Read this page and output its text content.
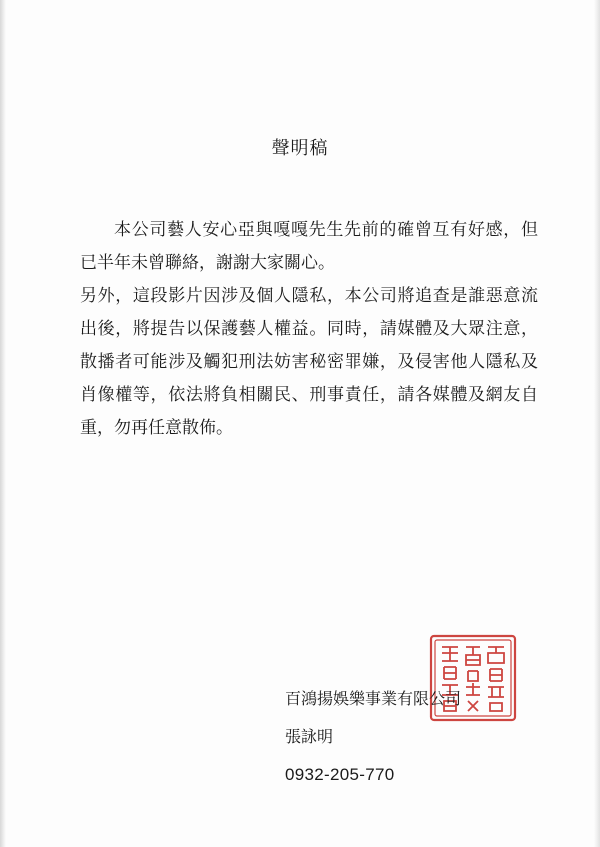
聲明稿

本公司藝人安心亞與嘎嘎先生先前的確曾互有好感，但已半年未曾聯絡，謝謝大家關心。

另外，這段影片因涉及個人隱私，本公司將追查是誰惡意流出後，將提告以保護藝人權益。同時，請媒體及大眾注意，散播者可能涉及觸犯刑法妨害秘密罪嫌，及侵害他人隱私及肖像權等，依法將負相關民、刑事責任，請各媒體及網友自重，勿再任意散佈。

百鴻揚娛樂事業有限公司
張詠明
0932-205-770
